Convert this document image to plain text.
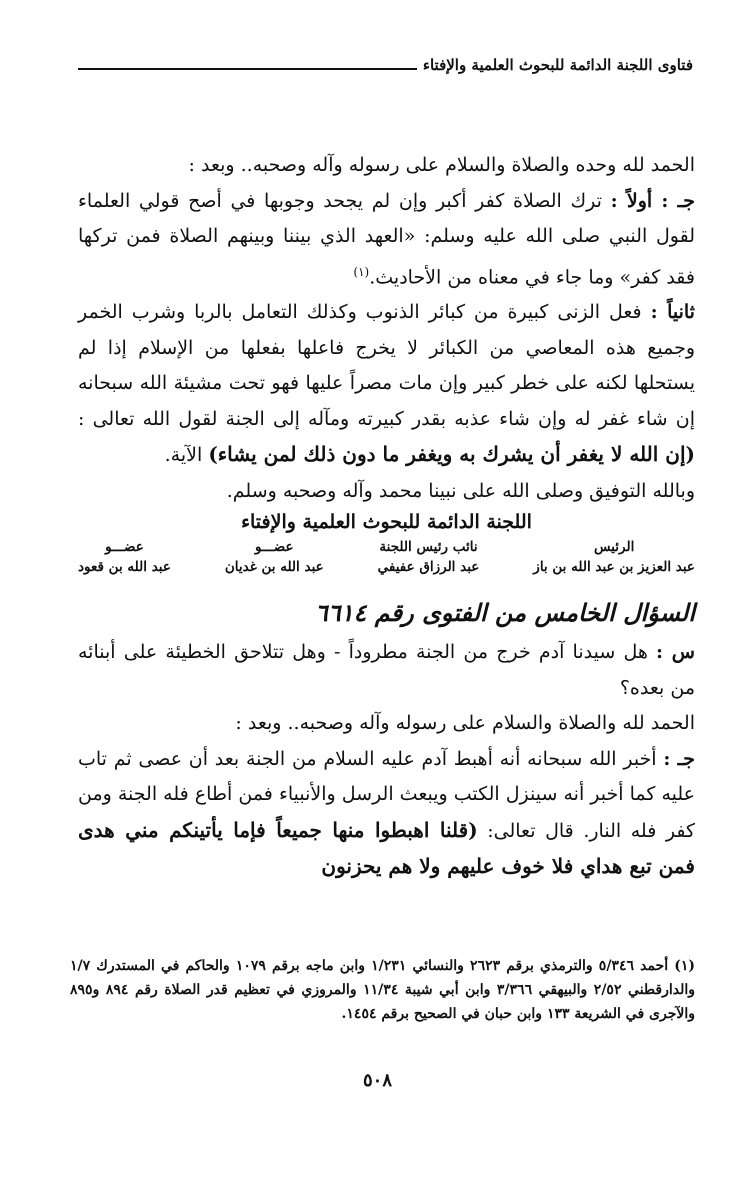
فتاوى اللجنة الدائمة للبحوث العلمية والإفتاء

الحمد لله وحده والصلاة والسلام على رسوله وآله وصحبه.. وبعد :

جـ : أولاً : ترك الصلاة كفر أكبر وإن لم يجحد وجوبها في أصح قولي العلماء لقول النبي صلى الله عليه وسلم: «العهد الذي بيننا وبينهم الصلاة فمن تركها فقد كفر» وما جاء في معناه من الأحاديث.$^{(١)}$

ثانياً : فعل الزنى كبيرة من كبائر الذنوب وكذلك التعامل بالربا وشرب الخمر وجميع هذه المعاصي من الكبائر لا يخرج فاعلها بفعلها من الإسلام إذا لم يستحلها لكنه على خطر كبير وإن مات مصراً عليها فهو تحت مشيئة الله سبحانه إن شاء غفر له وإن شاء عذبه بقدر كبيرته ومآله إلى الجنة لقول الله تعالى : (إن الله لا يغفر أن يشرك به ويغفر ما دون ذلك لمن يشاء) الآية.

وبالله التوفيق وصلى الله على نبينا محمد وآله وصحبه وسلم.

اللجنة الدائمة للبحوث العلمية والإفتاء
الرئيس
عبد العزيز بن عبد الله بن باز
نائب رئيس اللجنة
عبد الرزاق عفيفي
عضـــو
عبد الله بن غديان
عضـــو
عبد الله بن قعود

السؤال الخامس من الفتوى رقم ٦٦١٤

س : هل سيدنا آدم خرج من الجنة مطروداً - وهل تتلاحق الخطيئة على أبنائه من بعده؟

الحمد لله والصلاة والسلام على رسوله وآله وصحبه.. وبعد :

جـ : أخبر الله سبحانه أنه أهبط آدم عليه السلام من الجنة بعد أن عصى ثم تاب عليه كما أخبر أنه سينزل الكتب ويبعث الرسل والأنبياء فمن أطاع فله الجنة ومن كفر فله النار. قال تعالى: (قلنا اهبطوا منها جميعاً فإما يأتينكم مني هدى فمن تبع هداي فلا خوف عليهم ولا هم يحزنون

(١) أحمد ٥/٣٤٦ والترمذي برقم ٢٦٢٣ والنسائي ١/٢٣١ وابن ماجه برقم ١٠٧٩ والحاكم في المستدرك ١/٧ والدارقطني ٢/٥٢ والبيهقي ٣/٣٦٦ وابن أبي شيبة ١١/٣٤ والمروزي في تعظيم قدر الصلاة رقم ٨٩٤ و٨٩٥ والآجرى في الشريعة ١٣٣ وابن حبان في الصحيح برقم ١٤٥٤.
٥٠٨
